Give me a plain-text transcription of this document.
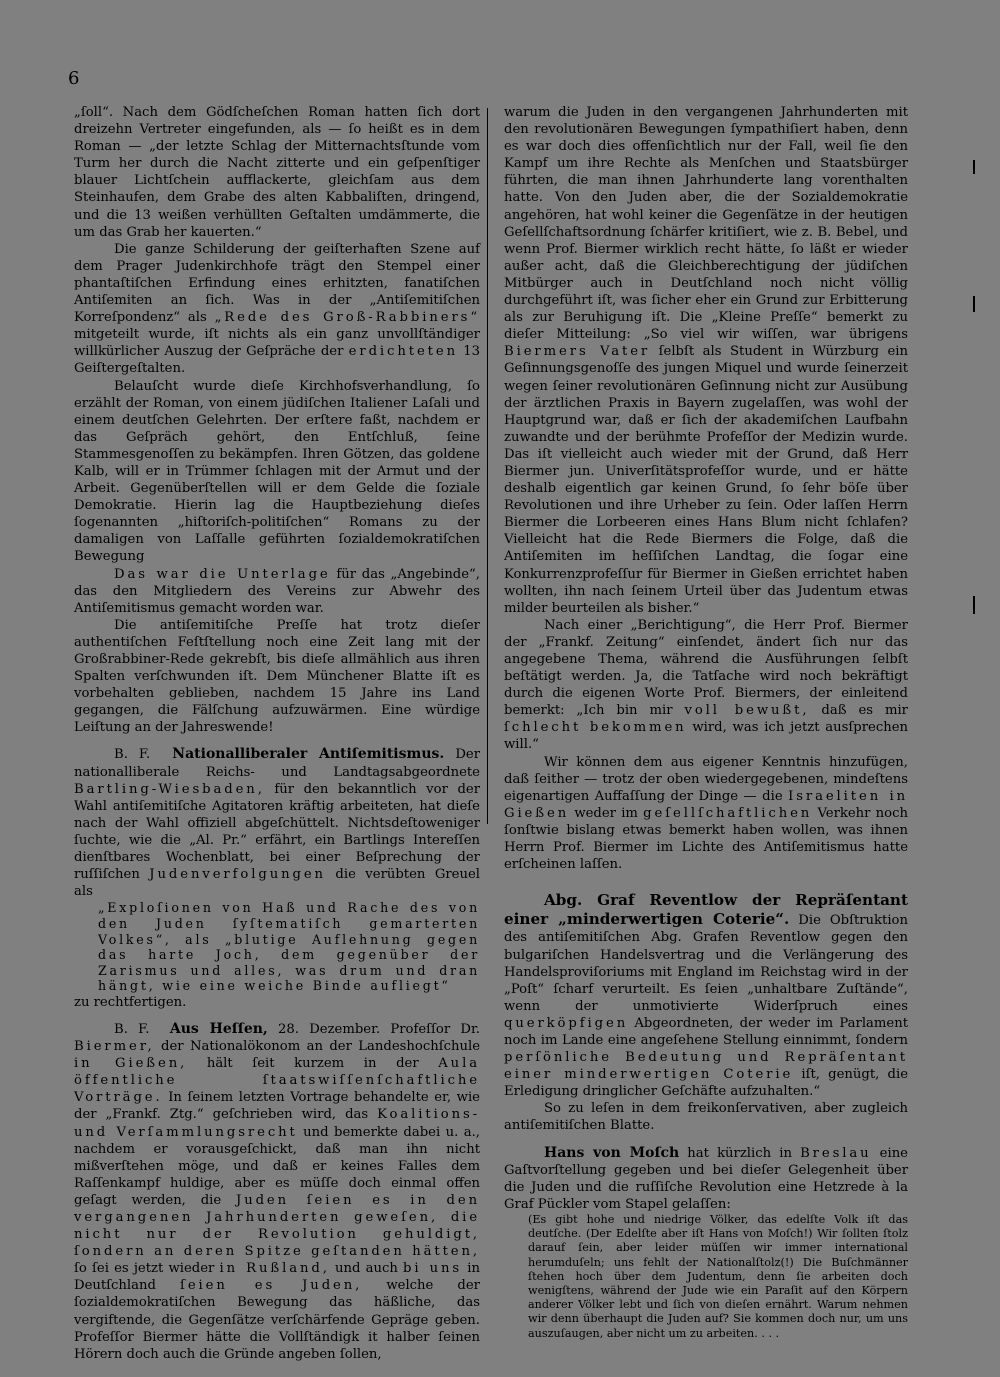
6

„ſoll“. Nach dem Gödſcheſchen Roman hatten ſich dort dreizehn Vertreter eingefunden, als — ſo heißt es in dem Roman — „der letzte Schlag der Mitternachtsſtunde vom Turm her durch die Nacht zitterte und ein geſpenſtiger blauer Lichtſchein aufflackerte, gleichſam aus dem Steinhaufen, dem Grabe des alten Kabbaliſten, dringend, und die 13 weißen verhüllten Geſtalten umdämmerte, die um das Grab her kauerten.“

Die ganze Schilderung der geiſterhaften Szene auf dem Prager Judenkirchhofe trägt den Stempel einer phantaſtiſchen Erfindung eines erhitzten, fanatiſchen Antiſemiten an ſich. Was in der „Antiſemitiſchen Korreſpondenz“ als „Rede des Groß-Rabbiners“ mitgeteilt wurde, iſt nichts als ein ganz unvollſtändiger willkürlicher Auszug der Geſpräche der erdichteten 13 Geiſtergeſtalten.

Belauſcht wurde dieſe Kirchhofsverhandlung, ſo erzählt der Roman, von einem jüdiſchen Italiener Laſali und einem deutſchen Gelehrten. Der erſtere faßt, nachdem er das Geſpräch gehört, den Entſchluß, ſeine Stammesgenoſſen zu bekämpfen. Ihren Götzen, das goldene Kalb, will er in Trümmer ſchlagen mit der Armut und der Arbeit. Gegenüberſtellen will er dem Gelde die ſoziale Demokratie. Hierin lag die Hauptbeziehung dieſes ſogenannten „hiſtoriſch-politiſchen“ Romans zu der damaligen von Laſſalle geführten ſozialdemokratiſchen Bewegung

Das war die Unterlage für das „Angebinde“, das den Mitgliedern des Vereins zur Abwehr des Antiſemitismus gemacht worden war.

Die antiſemitiſche Preſſe hat trotz dieſer authentiſchen Feſtſtellung noch eine Zeit lang mit der Großrabbiner-Rede gekrebſt, bis dieſe allmählich aus ihren Spalten verſchwunden iſt. Dem Münchener Blatte iſt es vorbehalten geblieben, nachdem 15 Jahre ins Land gegangen, die Fälſchung aufzuwärmen. Eine würdige Leiſtung an der Jahreswende!

B. F. Nationalliberaler Antiſemitismus. Der nationalliberale Reichs- und Landtagsabgeordnete Bartling-Wiesbaden, für den bekanntlich vor der Wahl antiſemitiſche Agitatoren kräftig arbeiteten, hat dieſe nach der Wahl offiziell abgeſchüttelt. Nichtsdeſtoweniger ſuchte, wie die „Al. Pr.“ erfährt, ein Bartlings Intereſſen dienſtbares Wochenblatt, bei einer Beſprechung der ruſſiſchen Judenverfolgungen die verübten Greuel als

„Exploſionen von Haß und Rache des von den Juden ſyſtematiſch gemarterten Volkes“, als „blutige Auflehnung gegen das harte Joch, dem gegenüber der Zarismus und alles, was drum und dran hängt, wie eine weiche Binde aufliegt“

zu rechtfertigen.

B. F. Aus Heſſen, 28. Dezember. Profeſſor Dr. Biermer, der Nationalökonom an der Landeshochſchule in Gießen, hält ſeit kurzem in der Aula öffentliche ſtaatswiſſenſchaftliche Vorträge. In ſeinem letzten Vortrage behandelte er, wie der „Frankf. Ztg.“ geſchrieben wird, das Koalitions- und Verſammlungsrecht und bemerkte dabei u. a., nachdem er vorausgeſchickt, daß man ihn nicht mißverſtehen möge, und daß er keines Falles dem Raſſenkampf huldige, aber es müſſe doch einmal offen geſagt werden, die Juden ſeien es in den vergangenen Jahrhunderten geweſen, die nicht nur der Revolution gehuldigt, ſondern an deren Spitze geſtanden hätten, ſo ſei es jetzt wieder in Rußland, und auch bi uns in Deutſchland ſeien es Juden, welche der ſozialdemokratiſchen Bewegung das häßliche, das vergiftende, die Gegenſätze verſchärfende Gepräge geben. Profeſſor Biermer hätte die Vollſtändigk it halber ſeinen Hörern doch auch die Gründe angeben ſollen,

warum die Juden in den vergangenen Jahrhunderten mit den revolutionären Bewegungen ſympathiſiert haben, denn es war doch dies offenſichtlich nur der Fall, weil ſie den Kampf um ihre Rechte als Menſchen und Staatsbürger führten, die man ihnen Jahrhunderte lang vorenthalten hatte. Von den Juden aber, die der Sozialdemokratie angehören, hat wohl keiner die Gegenſätze in der heutigen Geſellſchaftsordnung ſchärfer kritiſiert, wie z. B. Bebel, und wenn Prof. Biermer wirklich recht hätte, ſo läßt er wieder außer acht, daß die Gleichberechtigung der jüdiſchen Mitbürger auch in Deutſchland noch nicht völlig durchgeführt iſt, was ſicher eher ein Grund zur Erbitterung als zur Beruhigung iſt. Die „Kleine Preſſe“ bemerkt zu dieſer Mitteilung: „So viel wir wiſſen, war übrigens Biermers Vater ſelbſt als Student in Würzburg ein Geſinnungsgenoſſe des jungen Miquel und wurde ſeinerzeit wegen ſeiner revolutionären Geſinnung nicht zur Ausübung der ärztlichen Praxis in Bayern zugelaſſen, was wohl der Hauptgrund war, daß er ſich der akademiſchen Laufbahn zuwandte und der berühmte Profeſſor der Medizin wurde. Das iſt vielleicht auch wieder mit der Grund, daß Herr Biermer jun. Univerſitätsprofeſſor wurde, und er hätte deshalb eigentlich gar keinen Grund, ſo ſehr böſe über Revolutionen und ihre Urheber zu ſein. Oder laſſen Herrn Biermer die Lorbeeren eines Hans Blum nicht ſchlafen? Vielleicht hat die Rede Biermers die Folge, daß die Antiſemiten im heſſiſchen Landtag, die ſogar eine Konkurrenzprofeſſur für Biermer in Gießen errichtet haben wollten, ihn nach ſeinem Urteil über das Judentum etwas milder beurteilen als bisher.“

Nach einer „Berichtigung“, die Herr Prof. Biermer der „Frankf. Zeitung“ einſendet, ändert ſich nur das angegebene Thema, während die Ausführungen ſelbſt beſtätigt werden. Ja, die Tatſache wird noch bekräftigt durch die eigenen Worte Prof. Biermers, der einleitend bemerkt: „Ich bin mir voll bewußt, daß es mir ſchlecht bekommen wird, was ich jetzt ausſprechen will.“

Wir können dem aus eigener Kenntnis hinzufügen, daß ſeither — trotz der oben wiedergegebenen, mindeſtens eigenartigen Auffaſſung der Dinge — die Israeliten in Gießen weder im geſellſchaftlichen Verkehr noch ſonſtwie bislang etwas bemerkt haben wollen, was ihnen Herrn Prof. Biermer im Lichte des Antiſemitismus hatte erſcheinen laſſen.

Abg. Graf Reventlow der Repräſentant einer „minderwertigen Coterie“. Die Obſtruktion des antiſemitiſchen Abg. Grafen Reventlow gegen den bulgariſchen Handelsvertrag und die Verlängerung des Handelsproviſoriums mit England im Reichstag wird in der „Poſt“ ſcharf verurteilt. Es ſeien „unhaltbare Zuſtände“, wenn der unmotivierte Widerſpruch eines querköpfigen Abgeordneten, der weder im Parlament noch im Lande eine angeſehene Stellung einnimmt, ſondern perſönliche Bedeutung und Repräſentant einer minderwertigen Coterie iſt, genügt, die Erledigung dringlicher Geſchäfte aufzuhalten.“

So zu leſen in dem freikonſervativen, aber zugleich antiſemitiſchen Blatte.

Hans von Moſch hat kürzlich in Breslau eine Gaſtvorſtellung gegeben und bei dieſer Gelegenheit über die Juden und die ruſſiſche Revolution eine Hetzrede à la Graf Pückler vom Stapel gelaſſen:

(Es gibt hohe und niedrige Völker, das edelſte Volk iſt das deutſche. (Der Edelſte aber iſt Hans von Moſch!) Wir ſollten ſtolz darauf ſein, aber leider müſſen wir immer international herumduſeln; uns fehlt der Nationalſtolz(!) Die Buſchmänner ſtehen hoch über dem Judentum, denn ſie arbeiten doch wenigſtens, während der Jude wie ein Paraſit auf den Körpern anderer Völker lebt und ſich von dieſen ernährt. Warum nehmen wir denn überhaupt die Juden auf? Sie kommen doch nur, um uns auszuſaugen, aber nicht um zu arbeiten. . . .
